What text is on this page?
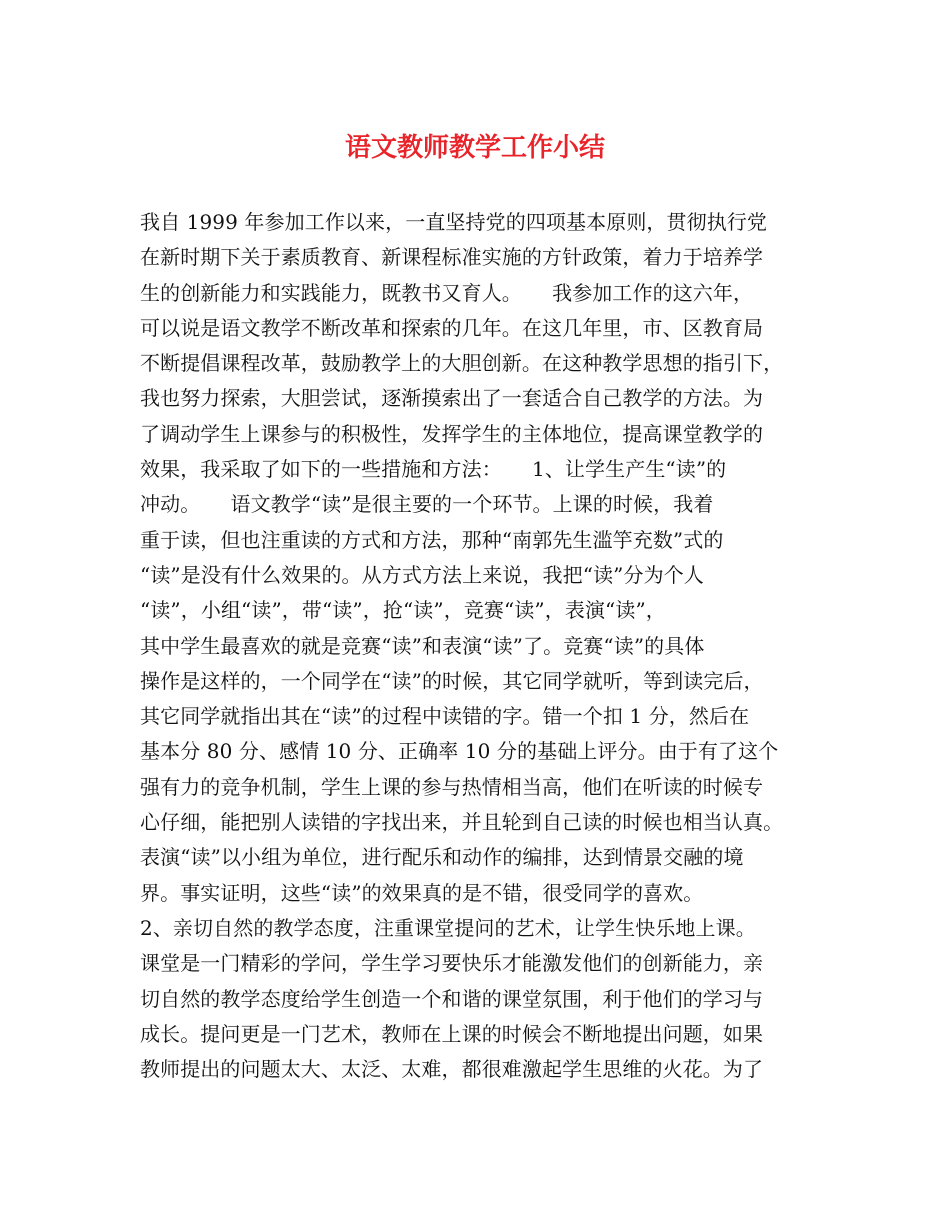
语文教师教学工作小结
我自 1999 年参加工作以来，一直坚持党的四项基本原则，贯彻执行党
在新时期下关于素质教育、新课程标准实施的方针政策，着力于培养学
生的创新能力和实践能力，既教书又育人。　　我参加工作的这六年，
可以说是语文教学不断改革和探索的几年。在这几年里，市、区教育局
不断提倡课程改革，鼓励教学上的大胆创新。在这种教学思想的指引下，
我也努力探索，大胆尝试，逐渐摸索出了一套适合自己教学的方法。为
了调动学生上课参与的积极性，发挥学生的主体地位，提高课堂教学的
效果，我采取了如下的一些措施和方法：　　1、让学生产生“读”的
冲动。　　语文教学“读”是很主要的一个环节。上课的时候，我着
重于读，但也注重读的方式和方法，那种“南郭先生滥竽充数”式的
“读”是没有什么效果的。从方式方法上来说，我把“读”分为个人
“读”，小组“读”，带“读”，抢“读”，竞赛“读”，表演“读”，
其中学生最喜欢的就是竞赛“读”和表演“读”了。竞赛“读”的具体
操作是这样的，一个同学在“读”的时候，其它同学就听，等到读完后，
其它同学就指出其在“读”的过程中读错的字。错一个扣 1 分，然后在
基本分 80 分、感情 10 分、正确率 10 分的基础上评分。由于有了这个
强有力的竞争机制，学生上课的参与热情相当高，他们在听读的时候专
心仔细，能把别人读错的字找出来，并且轮到自己读的时候也相当认真。
表演“读”以小组为单位，进行配乐和动作的编排，达到情景交融的境
界。事实证明，这些“读”的效果真的是不错，很受同学的喜欢。
2、亲切自然的教学态度，注重课堂提问的艺术，让学生快乐地上课。
课堂是一门精彩的学问，学生学习要快乐才能激发他们的创新能力，亲
切自然的教学态度给学生创造一个和谐的课堂氛围，利于他们的学习与
成长。提问更是一门艺术，教师在上课的时候会不断地提出问题，如果
教师提出的问题太大、太泛、太难，都很难激起学生思维的火花。为了
